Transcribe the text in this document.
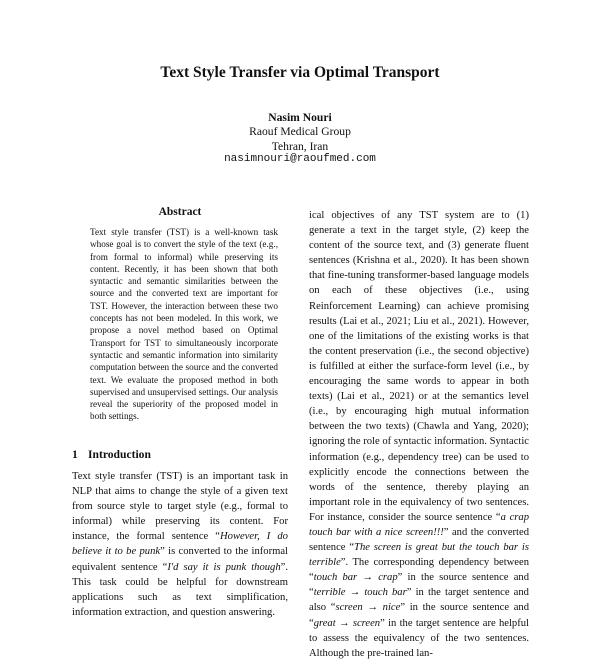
Text Style Transfer via Optimal Transport
Nasim Nouri
Raouf Medical Group
Tehran, Iran
nasimnouri@raoufmed.com
Abstract
Text style transfer (TST) is a well-known task whose goal is to convert the style of the text (e.g., from formal to informal) while preserving its content. Recently, it has been shown that both syntactic and semantic similarities between the source and the converted text are important for TST. However, the interaction between these two concepts has not been modeled. In this work, we propose a novel method based on Optimal Transport for TST to simultaneously incorporate syntactic and semantic information into similarity computation between the source and the converted text. We evaluate the proposed method in both supervised and unsupervised settings. Our analysis reveal the superiority of the proposed model in both settings.
1 Introduction
Text style transfer (TST) is an important task in NLP that aims to change the style of a given text from source style to target style (e.g., formal to informal) while preserving its content. For instance, the formal sentence “However, I do believe it to be punk” is converted to the informal equivalent sentence “I'd say it is punk though”. This task could be helpful for downstream applications such as text simplification, information extraction, and question answering.
ical objectives of any TST system are to (1) generate a text in the target style, (2) keep the content of the source text, and (3) generate fluent sentences (Krishna et al., 2020). It has been shown that fine-tuning transformer-based language models on each of these objectives (i.e., using Reinforcement Learning) can achieve promising results (Lai et al., 2021; Liu et al., 2021). However, one of the limitations of the existing works is that the content preservation (i.e., the second objective) is fulfilled at either the surface-form level (i.e., by encouraging the same words to appear in both texts) (Lai et al., 2021) or at the semantics level (i.e., by encouraging high mutual information between the two texts) (Chawla and Yang, 2020); ignoring the role of syntactic information. Syntactic information (e.g., dependency tree) can be used to explicitly encode the connections between the words of the sentence, thereby playing an important role in the equivalency of two sentences. For instance, consider the source sentence “a crap touch bar with a nice screen!!!” and the converted sentence “The screen is great but the touch bar is terrible”. The corresponding dependency between “touch bar → crap” in the source sentence and “terrible → touch bar” in the target sentence and also “screen → nice” in the source sentence and “great → screen” in the target sentence are helpful to assess the equivalency of the two sentences. Although the pre-trained lan-
